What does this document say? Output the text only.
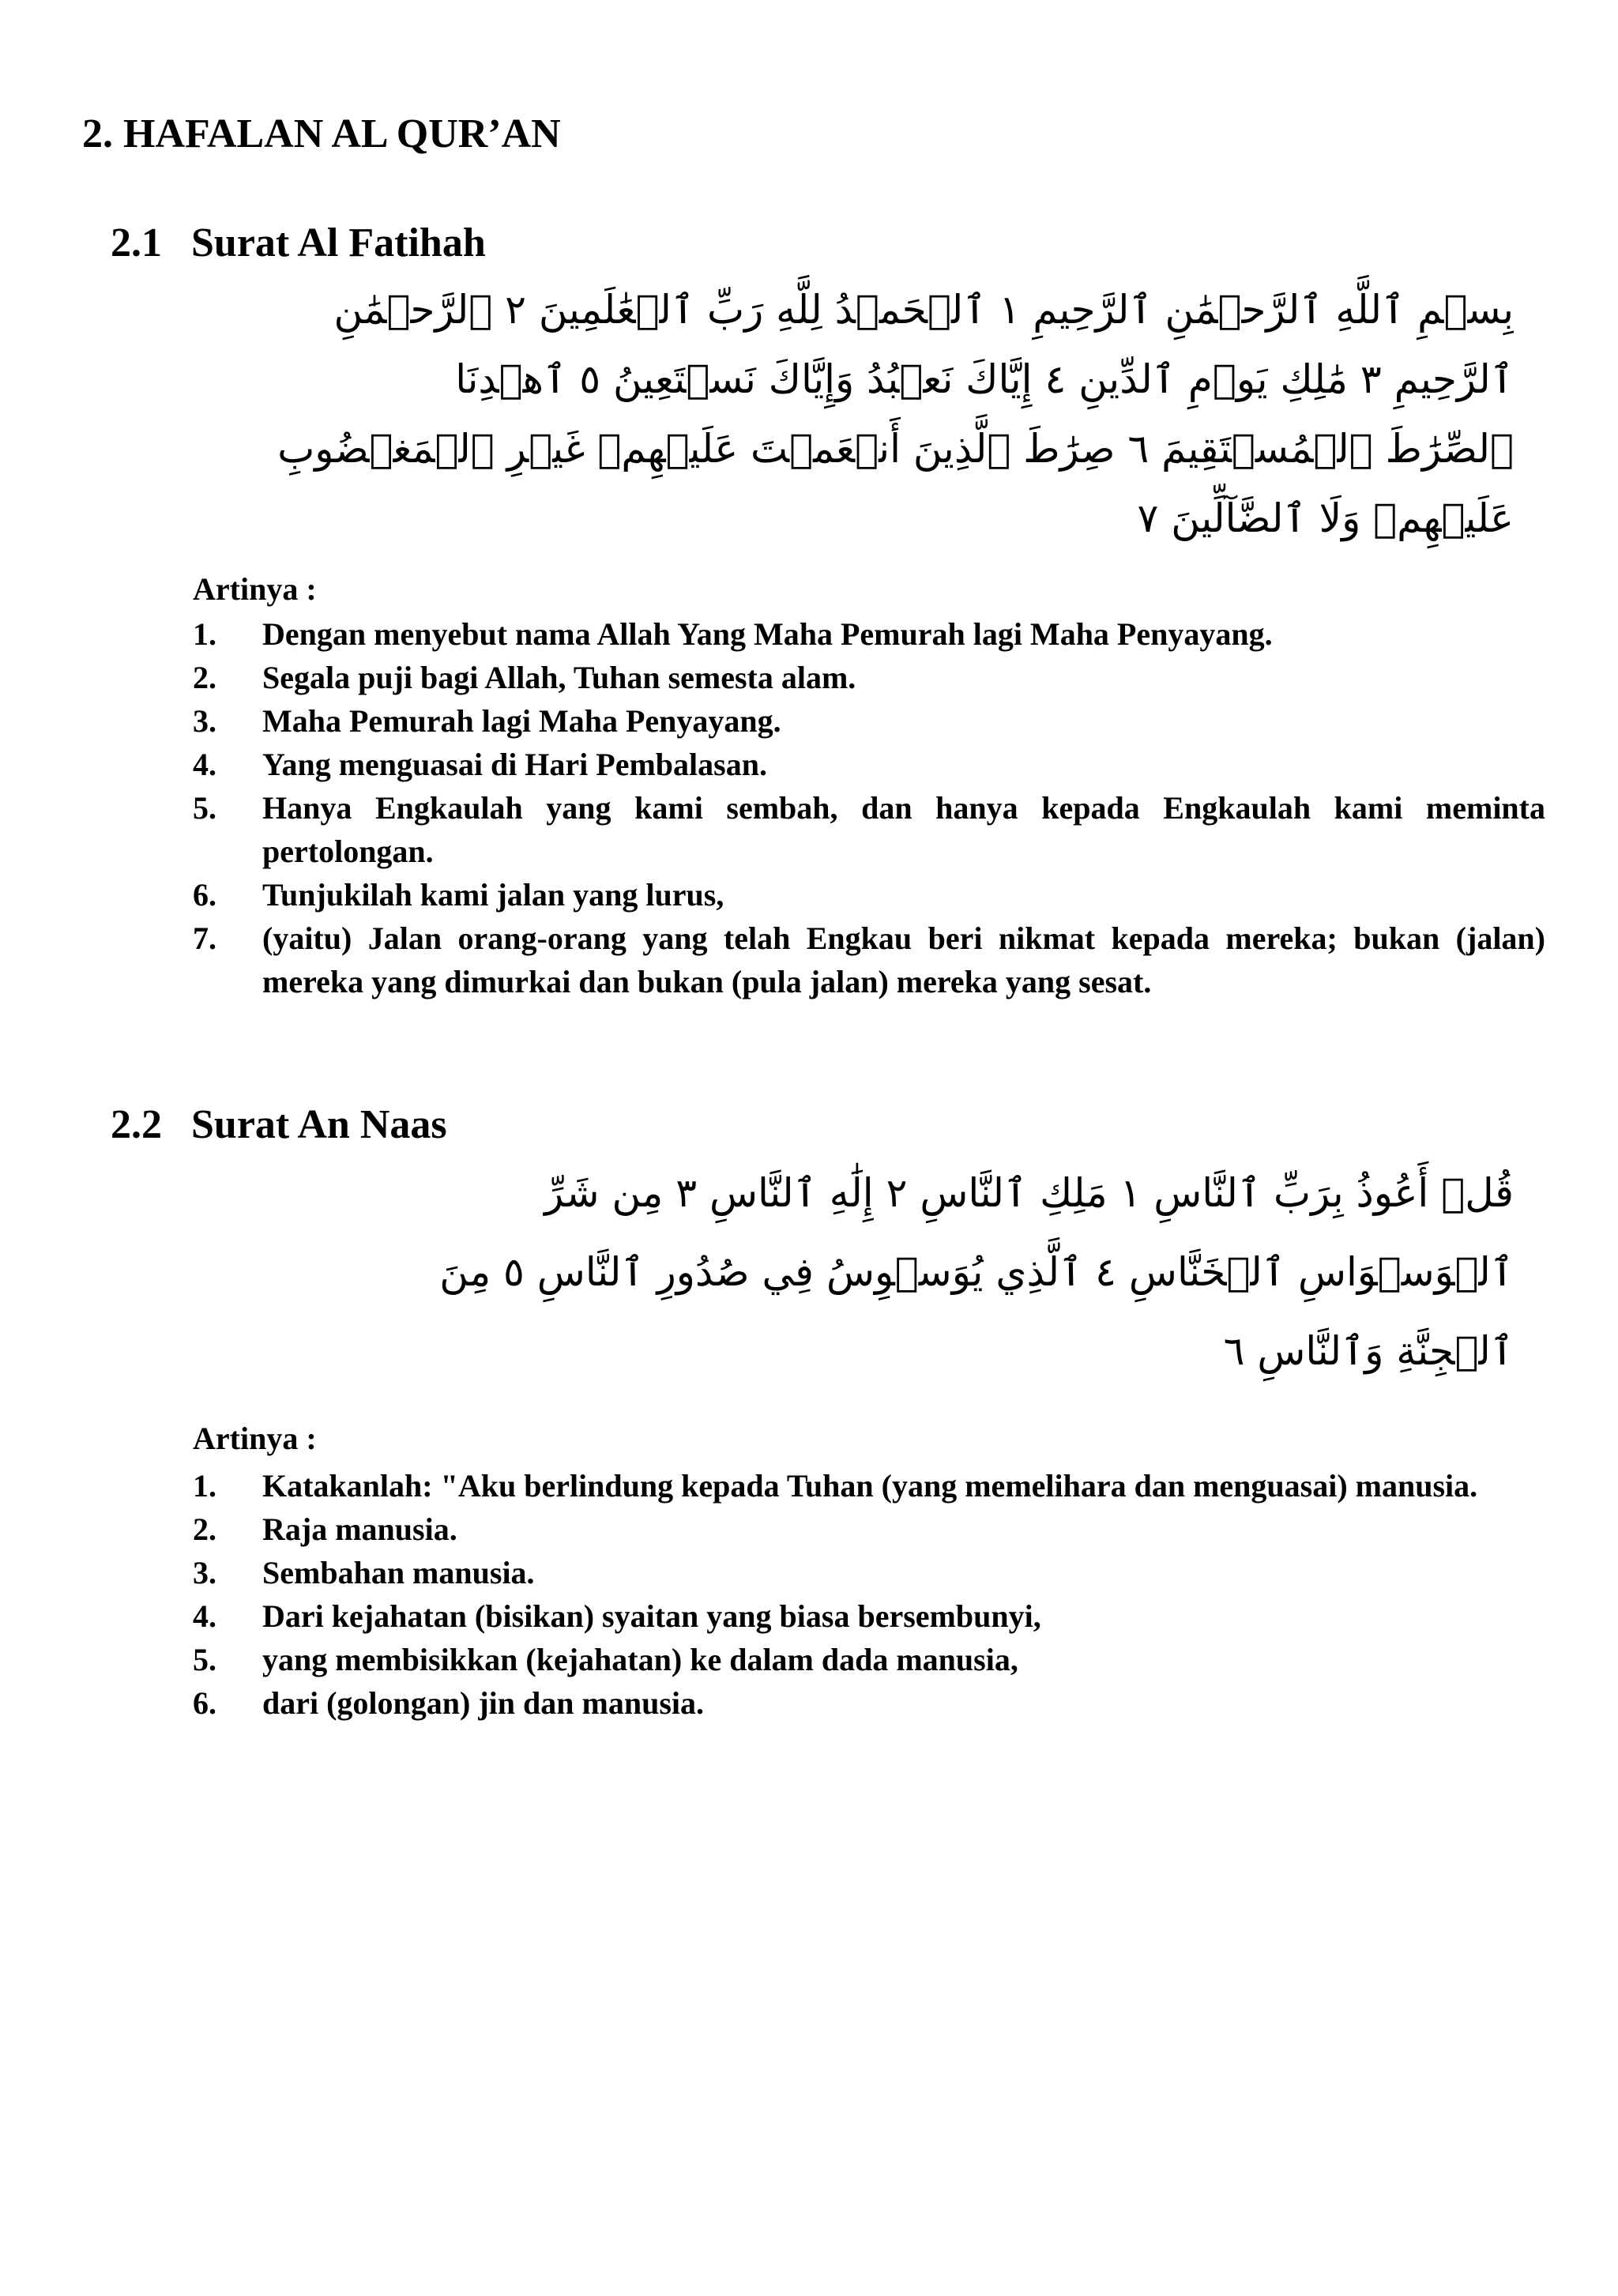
2. HAFALAN AL QUR’AN
2.1 Surat Al Fatihah
بِسۡمِ ٱللَّهِ ٱلرَّحۡمَٰنِ ٱلرَّحِيمِ ١ ٱلۡحَمۡدُ لِلَّهِ رَبِّ ٱلۡعَٰلَمِينَ ٢ ٱلرَّحۡمَٰنِ
ٱلرَّحِيمِ ٣ مَٰلِكِ يَوۡمِ ٱلدِّينِ ٤ إِيَّاكَ نَعۡبُدُ وَإِيَّاكَ نَسۡتَعِينُ ٥ ٱهۡدِنَا
ٱلصِّرَٰطَ ٱلۡمُسۡتَقِيمَ ٦ صِرَٰطَ ٱلَّذِينَ أَنۡعَمۡتَ عَلَيۡهِمۡ غَيۡرِ ٱلۡمَغۡضُوبِ
عَلَيۡهِمۡ وَلَا ٱلضَّآلِّينَ ٧
Artinya :
1. Dengan menyebut nama Allah Yang Maha Pemurah lagi Maha Penyayang.
2. Segala puji bagi Allah, Tuhan semesta alam.
3. Maha Pemurah lagi Maha Penyayang.
4. Yang menguasai di Hari Pembalasan.
5. Hanya Engkaulah yang kami sembah, dan hanya kepada Engkaulah kami meminta pertolongan.
6. Tunjukilah kami jalan yang lurus,
7. (yaitu) Jalan orang-orang yang telah Engkau beri nikmat kepada mereka; bukan (jalan) mereka yang dimurkai dan bukan (pula jalan) mereka yang sesat.
2.2 Surat An Naas
قُلۡ أَعُوذُ بِرَبِّ ٱلنَّاسِ ١ مَلِكِ ٱلنَّاسِ ٢ إِلَٰهِ ٱلنَّاسِ ٣ مِن شَرِّ
ٱلۡوَسۡوَاسِ ٱلۡخَنَّاسِ ٤ ٱلَّذِي يُوَسۡوِسُ فِي صُدُورِ ٱلنَّاسِ ٥ مِنَ
ٱلۡجِنَّةِ وَٱلنَّاسِ ٦
Artinya :
1. Katakanlah: "Aku berlindung kepada Tuhan (yang memelihara dan menguasai) manusia.
2. Raja manusia.
3. Sembahan manusia.
4. Dari kejahatan (bisikan) syaitan yang biasa bersembunyi,
5. yang membisikkan (kejahatan) ke dalam dada manusia,
6. dari (golongan) jin dan manusia.
